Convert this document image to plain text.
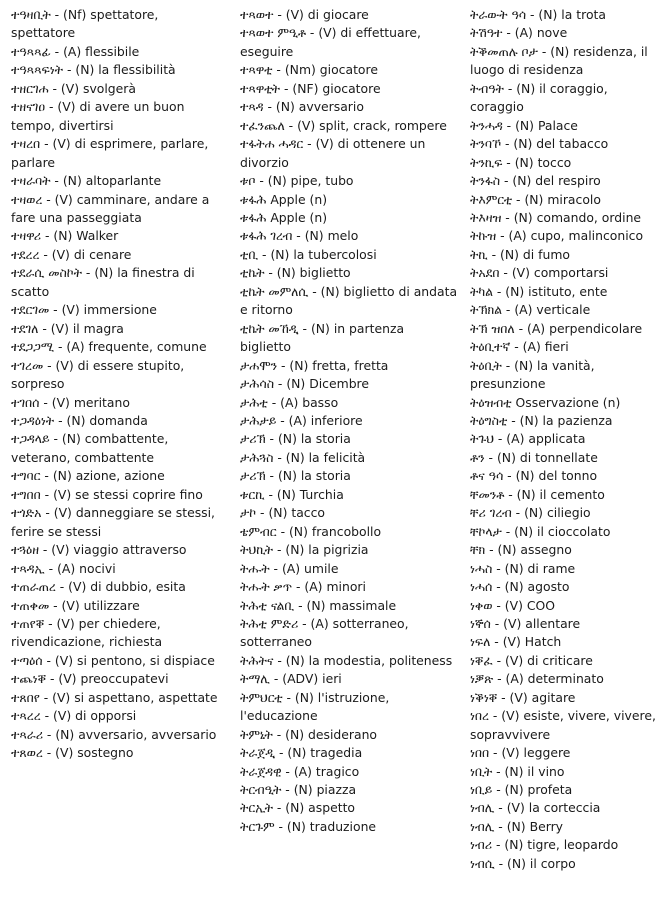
ተዓዛቢት - (Nf) spettatore, spettatore

ተዓጻጻፊ - (A) flessibile

ተዓጻጻፍነት - (N) la flessibilità

ተዘርገሐ - (V) svolgerà

ተዘናገዐ - (V) di avere un buon tempo, divertirsi

ተዛረበ - (V) di esprimere, parlare, parlare

ተዛራባት - (N) altoparlante

ተዛወረ - (V) camminare, andare a fare una passeggiata

ተዛዋሪ - (N) Walker

ተደረረ - (V) di cenare

ተደራሲ መስኮት - (N) la finestra di scatto

ተደርገመ - (V) immersione

ተደገለ - (V) il magra

ተደጋጋሚ - (A) frequente, comune

ተገረመ - (V) di essere stupito, sorpreso

ተገበሰ - (V) meritano

ተጋዳዕነት - (N) domanda

ተጋዳላይ - (N) combattente, veterano, combattente

ተግባር - (N) azione, azione

ተግበበ - (V) se stessi coprire fino

ተጎድአ - (V) danneggiare se stessi, ferire se stessi

ተጓዕዘ - (V) viaggio attraverso

ተጻዳኢ - (A) nocivi

ተጠራጠረ - (V) di dubbio, esita

ተጠቀመ - (V) utilizzare

ተጠየቐ - (V) per chiedere, rivendicazione, richiesta

ተጣዕሰ - (V) si pentono, si dispiace

ተጨነቐ - (V) preoccupatevi

ተጸበየ - (V) si aspettano, aspettate

ተጻረረ - (V) di opporsi

ተጻራሪ - (N) avversario, avversario

ተጸወረ - (V) sostegno

ተጻወተ - (V) di giocare

ተጻወተ ምዒቶ - (V) di effettuare, eseguire

ተጻዋቲ - (Nm) giocatore

ተጻዋቲት - (NF) giocatore

ተጻዳ - (N) avversario

ተፈንጨለ - (V) split, crack, rompere

ተፋትሐ ሓዳር - (V) di ottenere un divorzio

ቱቦ - (N) pipe, tubo

ቱፋሕ Apple (n)

ቱፋሕ Apple (n)

ቱፋሕ ገረብ - (N) melo

ቲቢ - (N) la tubercolosi

ቲኬት - (N) biglietto

ቲኬት መምለሲ - (N) biglietto di andata e ritorno

ቲኬት መኸዲ - (N) in partenza biglietto

ታሐሞን - (N) fretta, fretta

ታሕሳስ - (N) Dicembre

ታሕቲ - (A) basso

ታሕታይ - (A) inferiore

ታሪኽ - (N) la storia

ታሕጓስ - (N) la felicità

ታሪኽ - (N) la storia

ቱርኪ - (N) Turchia

ታኮ - (N) tacco

ቴምብር - (N) francobollo

ትህኪት - (N) la pigrizia

ትሑት - (A) umile

ትሑት ቃጥ - (A) minori

ትሕቲ ናልቢ - (N) massimale

ትሕቲ ምድሪ - (A) sotterraneo, sotterraneo

ትሕትና - (N) la modestia, politeness

ትማሊ - (ADV) ieri

ትምህርቲ - (N) l'istruzione, l'educazione

ትምኒት - (N) desiderano

ትራጀዲ - (N) tragedia

ትራጀዳዊ - (A) tragico

ትርብዒት - (N) piazza

ትርኢት - (N) aspetto

ትርጉም - (N) traduzione

ትራውት ዓሳ - (N) la trota

ትሽዓተ - (A) nove

ትቕመጠሉ ቦታ - (N) residenza, il luogo di residenza

ትብዓት - (N) il coraggio, coraggio

ትንሓዳ - (N) Palace

ትንባኾ - (N) del tabacco

ትንኪፍ - (N) tocco

ትንፋስ - (N) del respiro

ትእምርቲ - (N) miracolo

ትእዛዝ - (N) comando, ordine

ትኩዝ - (A) cupo, malinconico

ትኪ - (N) di fumo

ትአደበ - (V) comportarsi

ትካል - (N) istituto, ente

ትኽክል - (A) verticale

ትኽ ዝበለ - (A) perpendicolare

ትዕቢተኛ - (A) fieri

ትዕቢት - (N) la vanità, presunzione

ትዕዝብቲ Osservazione (n)

ትዕግስቲ - (N) la pazienza

ትጉህ - (A) applicata

ቶን - (N) di tonnellate

ቶና ዓሳ - (N) del tonno

ቸመንቶ - (N) il cemento

ቸሪ ገረብ - (N) ciliegio

ቸኮላታ - (N) il cioccolato

ቸክ - (N) assegno

ነሓስ - (N) di rame

ነሓሰ - (N) agosto

ነቀወ - (V) COO

ነኞሰ - (V) allentare

ነፍለ - (V) Hatch

ነቐፈ - (V) di criticare

ነቓጽ - (A) determinato

ነቕነቐ - (V) agitare

ነበረ - (V) esiste, vivere, vivere, sopravvivere

ነበበ - (V) leggere

ነቢት - (N) il vino

ነቢይ - (N) profeta

ነብሊ - (V) la corteccia

ነብሊ - (N) Berry

ነብሪ - (N) tigre, leopardo

ነብሲ - (N) il corpo
